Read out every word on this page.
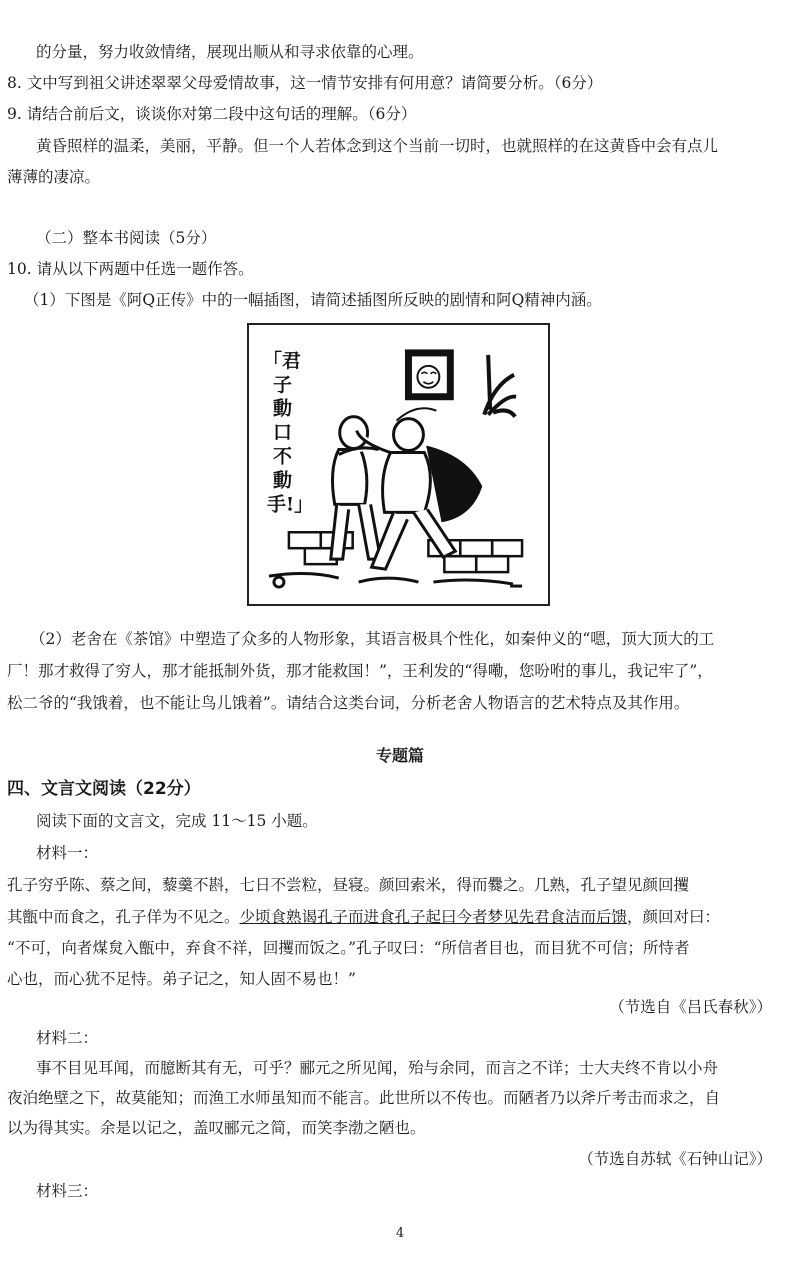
的分量，努力收敛情绪，展现出顺从和寻求依靠的心理。
8. 文中写到祖父讲述翠翠父母爱情故事，这一情节安排有何用意？请简要分析。（6分）
9. 请结合前后文，谈谈你对第二段中这句话的理解。（6分）
黄昏照样的温柔，美丽，平静。但一个人若体念到这个当前一切时，也就照样的在这黄昏中会有点儿
薄薄的凄凉。
（二）整本书阅读（5分）
10. 请从以下两题中任选一题作答。
（1）下图是《阿Q正传》中的一幅插图，请简述插图所反映的剧情和阿Q精神内涵。
「君
子
動
口
不
動
手!」
（2）老舍在《茶馆》中塑造了众多的人物形象，其语言极具个性化，如秦仲义的“嗯，顶大顶大的工
厂！那才救得了穷人，那才能抵制外货，那才能救国！”，王利发的“得嘞，您吩咐的事儿，我记牢了”，
松二爷的“我饿着，也不能让鸟儿饿着”。请结合这类台词，分析老舍人物语言的艺术特点及其作用。
专题篇
四、文言文阅读（22分）
阅读下面的文言文，完成 11～15 小题。
材料一：
孔子穷乎陈、蔡之间，藜羹不斟，七日不尝粒，昼寝。颜回索米，得而爨之。几熟，孔子望见颜回攫
其甑中而食之，孔子佯为不见之。少顷食熟谒孔子而进食孔子起曰今者梦见先君食洁而后馈，颜回对曰：
“不可，向者煤炱入甑中，弃食不祥，回攫而饭之。”孔子叹曰：“所信者目也，而目犹不可信；所恃者
心也，而心犹不足恃。弟子记之，知人固不易也！”
（节选自《吕氏春秋》）
材料二：
事不目见耳闻，而臆断其有无，可乎？郦元之所见闻，殆与余同，而言之不详；士大夫终不肯以小舟
夜泊绝壁之下，故莫能知；而渔工水师虽知而不能言。此世所以不传也。而陋者乃以斧斤考击而求之，自
以为得其实。余是以记之，盖叹郦元之简，而笑李渤之陋也。
（节选自苏轼《石钟山记》）
材料三：
4
